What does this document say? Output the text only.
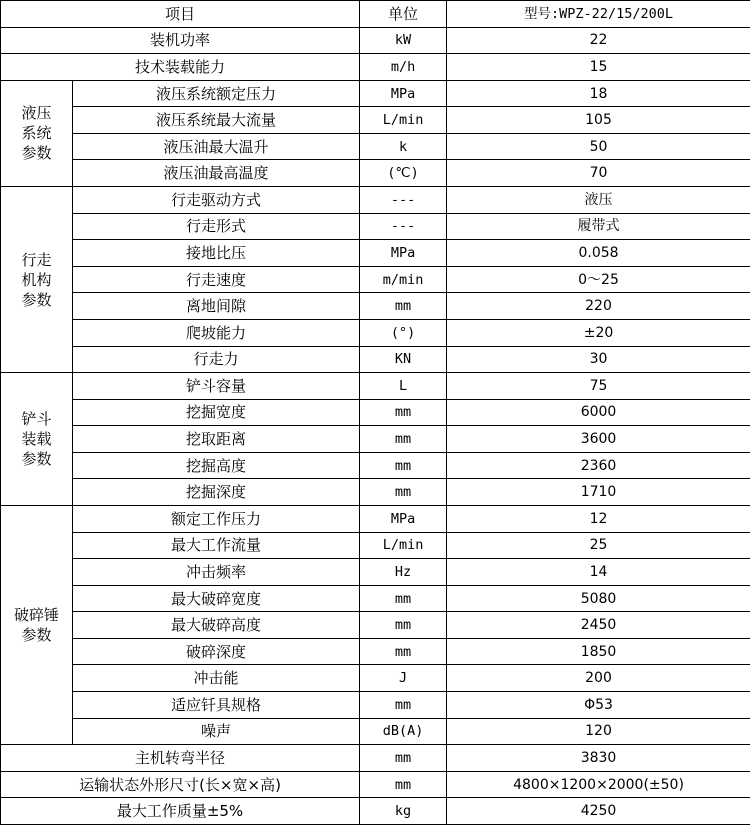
项目		单位	型号:WPZ-22/15/200L
装机功率		kW	22
技术装载能力		m/h	15
液压
系统
参数	液压系统额定压力	MPa	18
	液压系统最大流量	L/min	105
	液压油最大温升	k	50
	液压油最高温度	(℃)	70
行走
机构
参数	行走驱动方式	---	液压
	行走形式	---	履带式
	接地比压	MPa	0.058
	行走速度	m/min	0～25
	离地间隙	mm	220
	爬坡能力	(°)	±20
	行走力	KN	30
铲斗
装载
参数	铲斗容量	L	75
	挖掘宽度	mm	6000
	挖取距离	mm	3600
	挖掘高度	mm	2360
	挖掘深度	mm	1710
破碎锤
参数	额定工作压力	MPa	12
	最大工作流量	L/min	25
	冲击频率	Hz	14
	最大破碎宽度	mm	5080
	最大破碎高度	mm	2450
	破碎深度	mm	1850
	冲击能	J	200
	适应钎具规格	mm	Φ53
	噪声	dB(A)	120
主机转弯半径		mm	3830
运输状态外形尺寸(长×宽×高)		mm	4800×1200×2000(±50)
最大工作质量±5%		kg	4250
